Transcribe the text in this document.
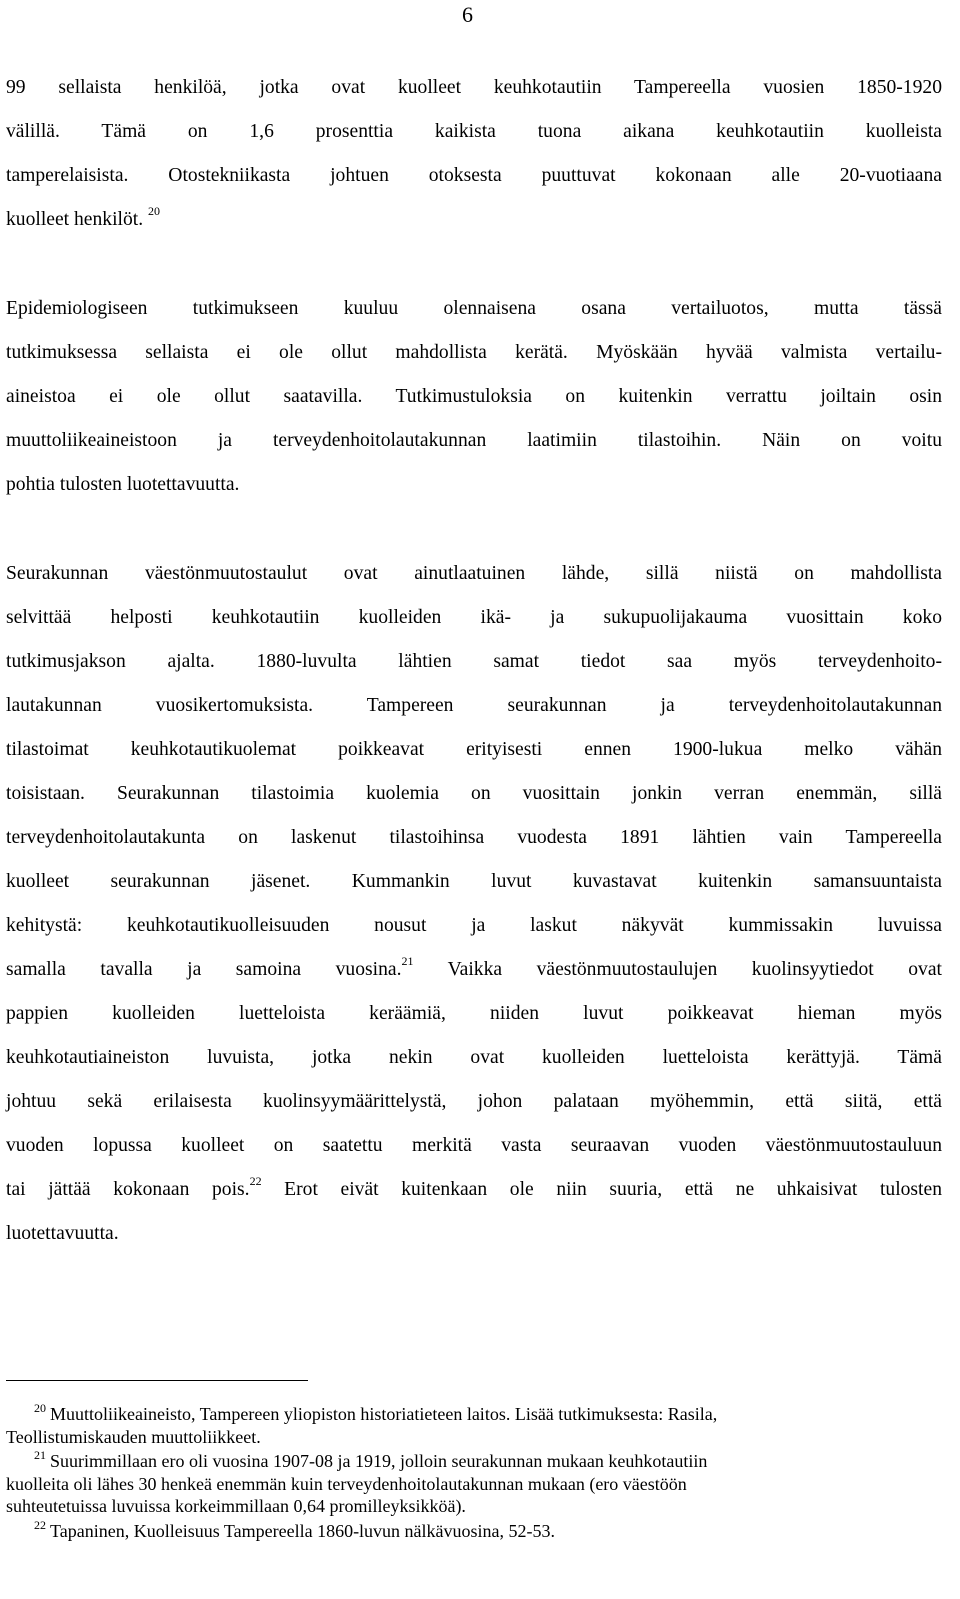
6
99 sellaista henkilöä, jotka ovat kuolleet keuhkotautiin Tampereella vuosien 1850-1920
välillä. Tämä on 1,6 prosenttia kaikista tuona aikana keuhkotautiin kuolleista
tamperelaisista. Otostekniikasta johtuen otoksesta puuttuvat kokonaan alle 20-vuotiaana
kuolleet henkilöt. $^{20}$
Epidemiologiseen tutkimukseen kuuluu olennaisena osana vertailuotos, mutta tässä
tutkimuksessa sellaista ei ole ollut mahdollista kerätä. Myöskään hyvää valmista vertailu-
aineistoa ei ole ollut saatavilla. Tutkimustuloksia on kuitenkin verrattu joiltain osin
muuttoliikeaineistoon ja terveydenhoitolautakunnan laatimiin tilastoihin. Näin on voitu
pohtia tulosten luotettavuutta.
Seurakunnan väestönmuutostaulut ovat ainutlaatuinen lähde, sillä niistä on mahdollista
selvittää helposti keuhkotautiin kuolleiden ikä- ja sukupuolijakauma vuosittain koko
tutkimusjakson ajalta. 1880-luvulta lähtien samat tiedot saa myös terveydenhoito-
lautakunnan vuosikertomuksista. Tampereen seurakunnan ja terveydenhoitolautakunnan
tilastoimat keuhkotautikuolemat poikkeavat erityisesti ennen 1900-lukua melko vähän
toisistaan. Seurakunnan tilastoimia kuolemia on vuosittain jonkin verran enemmän, sillä
terveydenhoitolautakunta on laskenut tilastoihinsa vuodesta 1891 lähtien vain Tampereella
kuolleet seurakunnan jäsenet. Kummankin luvut kuvastavat kuitenkin samansuuntaista
kehitystä: keuhkotautikuolleisuuden nousut ja laskut näkyvät kummissakin luvuissa
samalla tavalla ja samoina vuosina.$^{21}$ Vaikka väestönmuutostaulujen kuolinsyytiedot ovat
pappien kuolleiden luetteloista keräämiä, niiden luvut poikkeavat hieman myös
keuhkotautiaineiston luvuista, jotka nekin ovat kuolleiden luetteloista kerättyjä. Tämä
johtuu sekä erilaisesta kuolinsyymäärittelystä, johon palataan myöhemmin, että siitä, että
vuoden lopussa kuolleet on saatettu merkitä vasta seuraavan vuoden väestönmuutostauluun
tai jättää kokonaan pois.$^{22}$ Erot eivät kuitenkaan ole niin suuria, että ne uhkaisivat tulosten
luotettavuutta.
20 Muuttoliikeaineisto, Tampereen yliopiston historiatieteen laitos. Lisää tutkimuksesta: Rasila,
Teollistumiskauden muuttoliikkeet.
21 Suurimmillaan ero oli vuosina 1907-08 ja 1919, jolloin seurakunnan mukaan keuhkotautiin
kuolleita oli lähes 30 henkeä enemmän kuin terveydenhoitolautakunnan mukaan (ero väestöön
suhteutetuissa luvuissa korkeimmillaan 0,64 promilleyksikköä).
22 Tapaninen, Kuolleisuus Tampereella 1860-luvun nälkävuosina, 52-53.
